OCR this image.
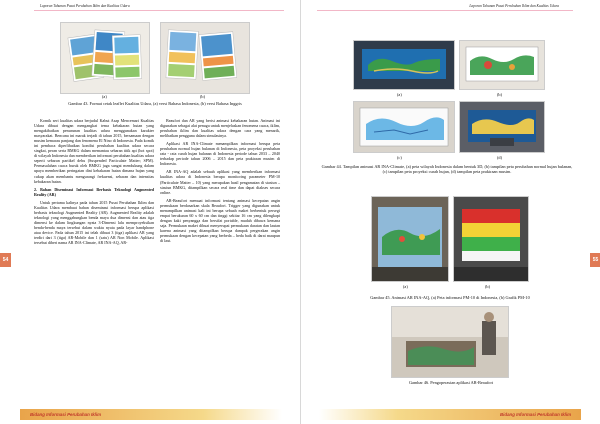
Laporan Tahunan Pusat Perubahan Iklim dan Kualitas Udara
(a)	(b)
Gambar 43. Format cetak leaflet Kualitas Udara, (a) versi Bahasa Indonesia, (b) versi Bahasa Inggris

Komik seri kualitas udara berjudul Kabut Asap Mencemari Kualitas Udara dibuat dengan mengangkat tema kebakaran hutan yang mengakibatkan penurunan kualitas udara menggunakan karakter masyarakat. Bencana ini marak terjadi di tahun 2015, bersamaan dengan musim kemarau panjang dan fenomena El Nino di Indonesia. Pada komik ini pembaca diperlihatkan kondisi perubahan kualitas udara secara singkat, peran serta BMKG dalam memantau sebaran titik api (hot spot) di wilayah Indonesia dan memberikan informasi perubahan kualitas udara seperti sebaran partikel debu (Suspended Particulate Matter; SPM). Permasalahan cuaca buruk oleh BMKG juga sangat mendukung dalam upaya memberikan peringatan dini kebakaran hutan dimana hujan yang cukup akan membantu mengurangi frekuensi, sebaran dan intensitas kebakaran hutan.

2. Bahan Diseminasi Informasi Berbasis Teknologi Augmented Reality (AR)

Untuk pertama kalinya pada tahun 2015 Pusat Perubahan Iklim dan Kualitas Udara membuat bahan diseminasi informasi berupa aplikasi berbasis teknologi Augmented Reality (AR). Augmented Reality adalah teknologi yang menggabungkan benda maya dua dimensi dan atau tiga dimensi ke dalam lingkungan nyata 3-Dimensi lalu memproyeksikan benda-benda maya tersebut dalam waktu nyata pada layar handphone atau device. Pada tahun 2015 ini telah dibuat 3 (tiga) aplikasi AR yang terdiri dari 3 (tiga) AR-Mobile dan 1 (satu) AR Non Mobile. Aplikasi tersebut diberi nama AR INA-Climate, AR INA-AQ, AR-

Beaufort dan AR yang berisi animasi kebakaran hutan. Animasi ini digunakan sebagai alat penuga untuk menjelaskan fenomena cuaca, iklim, perubahan iklim dan kualitas udara dengan cara yang menarik, melibatkan pengguna dalam simulasinya.

Aplikasi AR INA-Climate menampilkan informasi berupa peta perubahan normal hujan bulanan di Indonesia, peta proyeksi perubahan rata - rata curah hujan bulanan di Indonesia periode tahun 2033 – 2040 terhadap periode tahun 2006 – 2015 dan peta prakiraan musim di Indonesia.

AR INA-AQ adalah sebuah aplikasi yang memberikan informasi kualitas udara di Indonesia berupa monitoring parameter PM-10 (Particulate Matter – 10) yang merupakan hasil pengamatan di stasiun – stasiun BMKG, ditampilkan secara real time dan dapat diakses secara online.

AR-Beaufort memuat informasi tentang animasi kecepatan angin permukaan berdasarkan skala Beaufort. Trigger yang digunakan untuk menampilkan animasi kali ini berupa sebuah maket berbentuk persegi empat berukuran 60 x 60 cm dan tinggi sekitar 16 cm yang dilengkapi dengan kaki penyangga dan bersifat portable, mudah dibawa kemana saja. Permukaan maket dibuat menyerupai permukaan daratan dan lautan karena animasi yang ditampilkan berupa dampak pergerakan angin permukaan dengan kecepatan yang berbeda – beda baik di darat maupun di laut.

54
Bidang Informasi Perubahan Iklim
Laporan Tahunan Pusat Perubahan Iklim dan Kualitas Udara
(a)	(b)
(c)	(d)
Gambar 44. Tampilan animasi AR INA-Climate, (a) peta wilayah Indonesia dalam bentuk 3D, (b) tampilan peta perubahan normal hujan bulanan, (c) tampilan peta proyeksi curah hujan, (d) tampilan peta prakiraan musim.
(a)	(b)
Gambar 45. Animasi AR INA-AQ, (a) Peta informasi PM-10 di Indonesia, (b) Grafik PM-10
Gambar 46. Pengoperasian aplikasi AR-Beaufort
55
Bidang Informasi Perubahan Iklim
